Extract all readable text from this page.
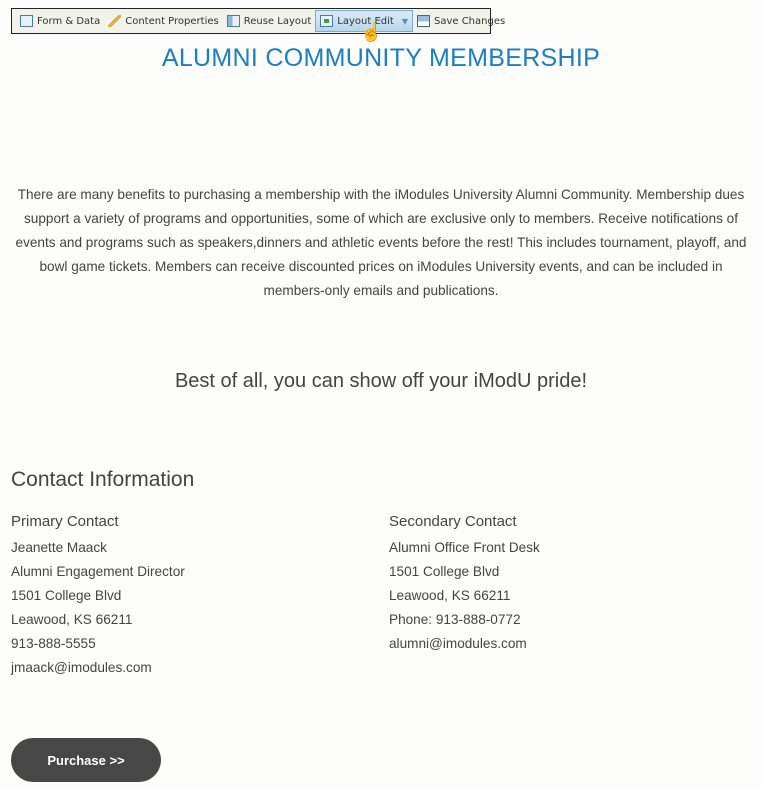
Form & Data	Content Properties	Reuse Layout	Layout Edit ▼	Save Changes
☝
ALUMNI COMMUNITY MEMBERSHIP
There are many benefits to purchasing a membership with the iModules University Alumni Community. Membership dues support a variety of programs and opportunities, some of which are exclusive only to members. Receive notifications of events and programs such as speakers,dinners and athletic events before the rest! This includes tournament, playoff, and bowl game tickets. Members can receive discounted prices on iModules University events, and can be included in members-only emails and publications.
Best of all, you can show off your iModU pride!
Contact Information
Primary Contact
Jeanette Maack
Alumni Engagement Director
1501 College Blvd
Leawood, KS 66211
913-888-5555
jmaack@imodules.com
Secondary Contact
Alumni Office Front Desk
1501 College Blvd
Leawood, KS 66211
Phone: 913-888-0772
alumni@imodules.com
Purchase >>
